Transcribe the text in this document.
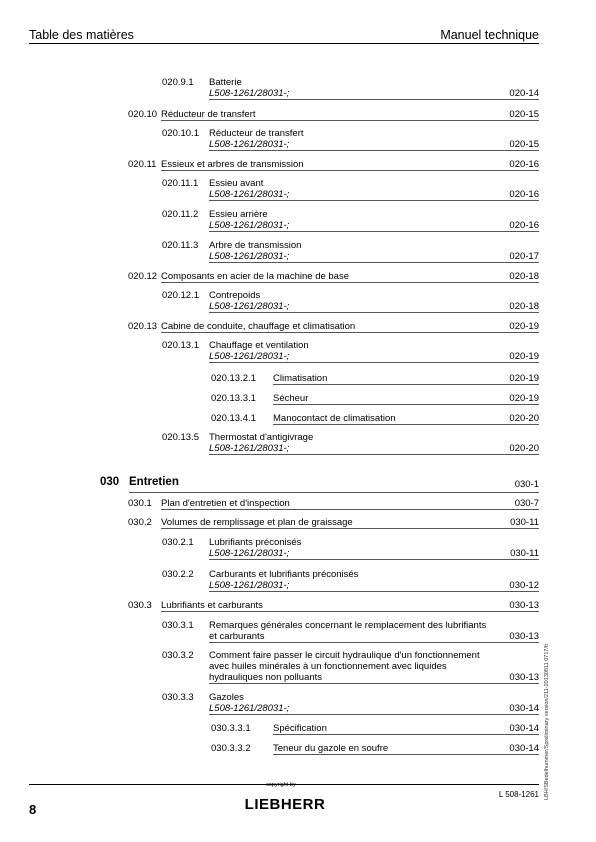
Table des matières	Manuel technique
020.9.1 Batterie
L508-1261/28031-;	020-14
020.10 Réducteur de transfert	020-15
020.10.1 Réducteur de transfert
L508-1261/28031-;	020-15
020.11 Essieux et arbres de transmission	020-16
020.11.1 Essieu avant
L508-1261/28031-;	020-16
020.11.2 Essieu arrière
L508-1261/28031-;	020-16
020.11.3 Arbre de transmission
L508-1261/28031-;	020-17
020.12 Composants en acier de la machine de base	020-18
020.12.1 Contrepoids
L508-1261/28031-;	020-18
020.13 Cabine de conduite, chauffage et climatisation	020-19
020.13.1 Chauffage et ventilation
L508-1261/28031-;	020-19
020.13.2.1 Climatisation	020-19
020.13.3.1 Sécheur	020-19
020.13.4.1 Manocontact de climatisation	020-20
020.13.5 Thermostat d'antigivrage
L508-1261/28031-;	020-20
030 Entretien	030-1
030.1 Plan d'entretien et d'inspection	030-7
030.2 Volumes de remplissage et plan de graissage	030-11
030.2.1 Lubrifiants préconisés
L508-1261/28031-;	030-11
030.2.2 Carburants et lubrifiants préconisés
L508-1261/28031-;	030-12
030.3 Lubrifiants et carburants	030-13
030.3.1 Remarques générales concernant le remplacement des lubrifiants
et carburants	030-13
030.3.2 Comment faire passer le circuit hydraulique d'un fonctionnement
avec huiles minérales à un fonctionnement avec liquides
hydrauliques non polluants	030-13
030.3.3 Gazoles
L508-1261/28031-;	030-14
030.3.3.1 Spécification	030-14
030.3.3.2 Teneur du gazole en soufre	030-14 LBH/SBedelhummer/Spreliminary version/211-20130811 0717/fr
8
copyright by
LIEBHERR
L 508-1261
